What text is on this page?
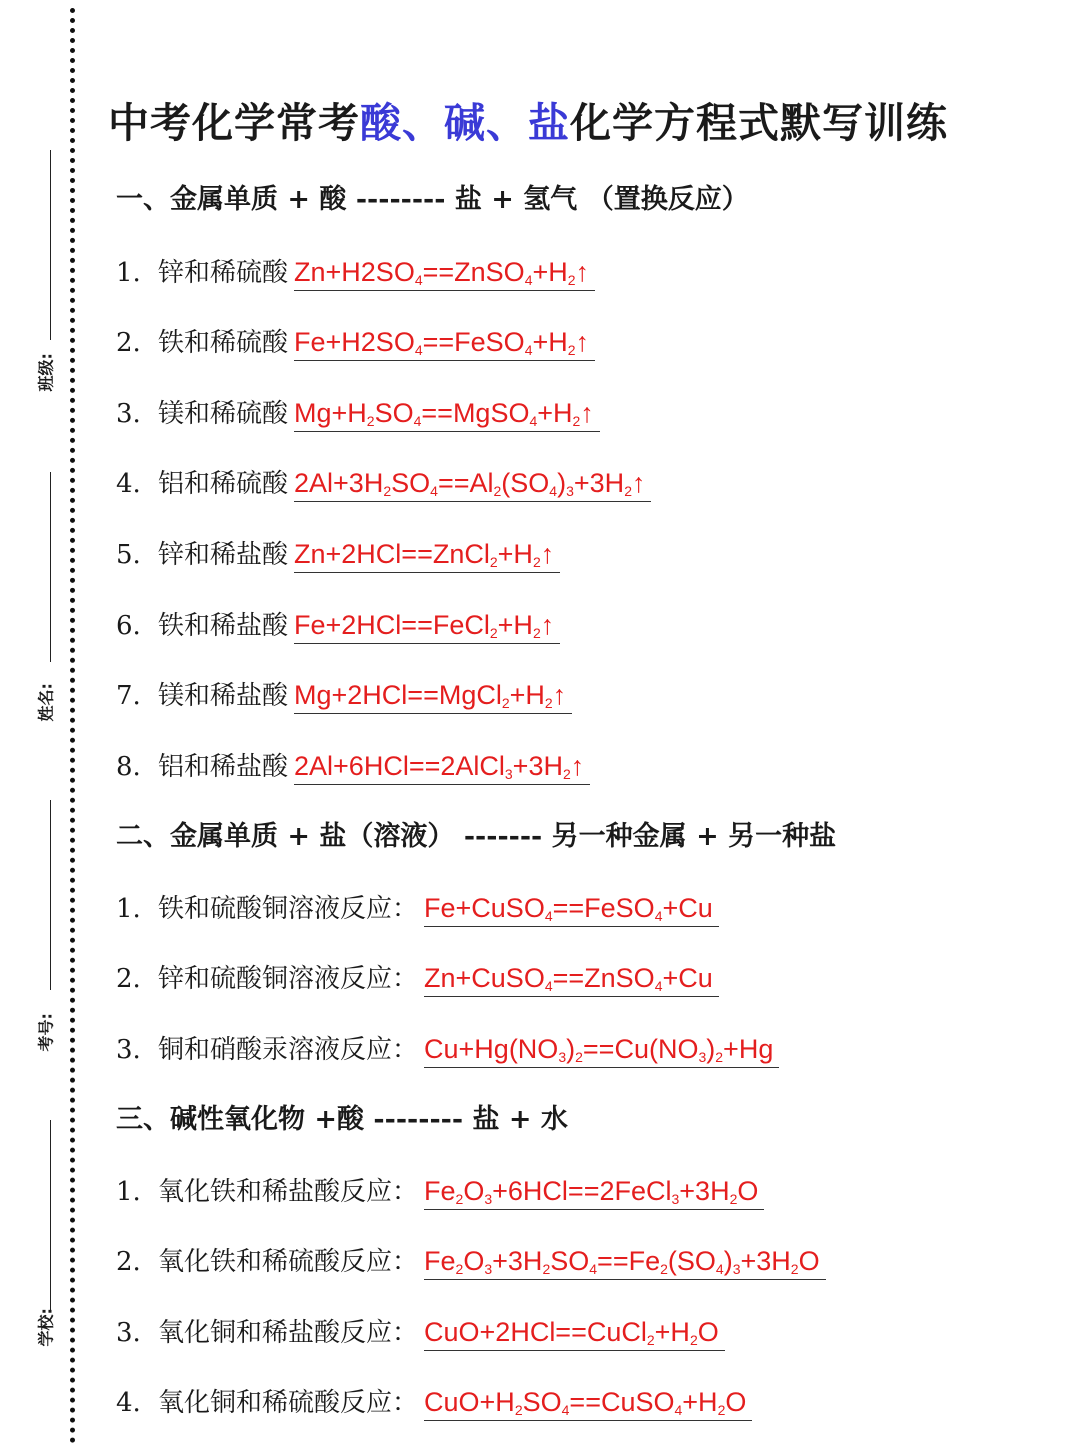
班级:
姓名:
考号:
学校:
中考化学常考酸、碱、盐化学方程式默写训练
一、金属单质 + 酸 -------- 盐 + 氢气 （置换反应）
1. 锌和稀硫酸 $Zn+H2SO_4==ZnSO_4+H_2↑$
2. 铁和稀硫酸 $Fe+H2SO_4==FeSO_4+H_2↑$
3. 镁和稀硫酸 $Mg+H_2SO_4==MgSO_4+H_2↑$
4. 铝和稀硫酸 $2Al+3H_2SO_4==Al_2(SO_4)_3+3H_2↑$
5. 锌和稀盐酸 $Zn+2HCl==ZnCl_2+H_2↑$
6. 铁和稀盐酸 $Fe+2HCl==FeCl_2+H_2↑$
7. 镁和稀盐酸 $Mg+2HCl==MgCl_2+H_2↑$
8. 铝和稀盐酸 $2Al+6HCl==2AlCl_3+3H_2↑$
二、金属单质 + 盐（溶液） ------- 另一种金属 + 另一种盐
1. 铁和硫酸铜溶液反应： Fe+CuSO$_4$==FeSO$_4$+Cu
2. 锌和硫酸铜溶液反应： Zn+CuSO$_4$==ZnSO$_4$+Cu
3. 铜和硝酸汞溶液反应： $Cu+Hg(NO_3)_2==Cu(NO_3)_2+Hg$
三、碱性氧化物 +酸 -------- 盐 + 水
1. 氧化铁和稀盐酸反应： $Fe_2O_3+6HCl==2FeCl_3+3H_2O$
2. 氧化铁和稀硫酸反应： $Fe_2O_3+3H_2SO_4==Fe_2(SO_4)_3+3H_2O$
3. 氧化铜和稀盐酸反应： $CuO+2HCl==CuCl_2+H_2O$
4. 氧化铜和稀硫酸反应： $CuO+H_2SO_4==CuSO_4+H_2O$
